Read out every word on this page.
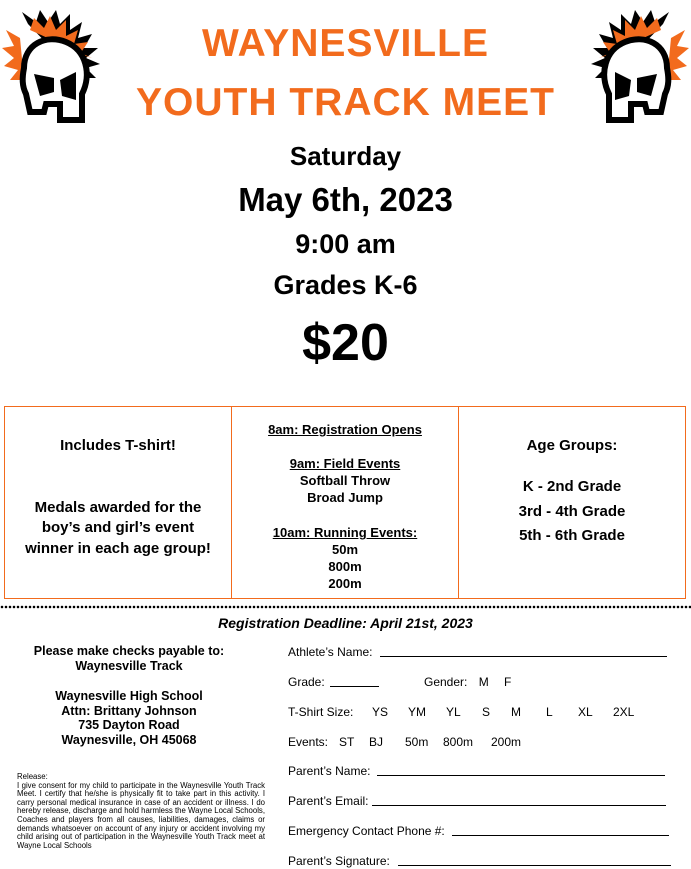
WAYNESVILLE
YOUTH TRACK MEET
Saturday
May 6th, 2023
9:00 am
Grades K-6
$20
Includes T-shirt!
Medals awarded for the
boy’s and girl’s event
winner in each age group!
8am: Registration Opens
9am: Field Events
Softball Throw
Broad Jump
10am: Running Events:
50m
800m
200m
Age Groups:
K - 2nd Grade
3rd - 4th Grade
5th - 6th Grade
Registration Deadline: April 21st, 2023
Please make checks payable to:
Waynesville Track
Waynesville High School
Attn: Brittany Johnson
735 Dayton Road
Waynesville, OH 45068
Release:
I give consent for my child to participate in the Waynesville Youth Track Meet. I certify that he/she is physically fit to take part in this activity. I carry personal medical insurance in case of an accident or illness. I do hereby release, discharge and hold harmless the Wayne Local Schools, Coaches and players from all causes, liabilities, damages, claims or demands whatsoever on account of any injury or accident involving my child arising out of participation in the Waynesville Youth Track meet at Wayne Local Schools
Athlete’s Name:
Grade:	Gender: M F
T-Shirt Size: YS YM YL S M L XL 2XL
Events: ST BJ 50m 800m 200m
Parent’s Name:
Parent’s Email:
Emergency Contact Phone #:
Parent’s Signature:
